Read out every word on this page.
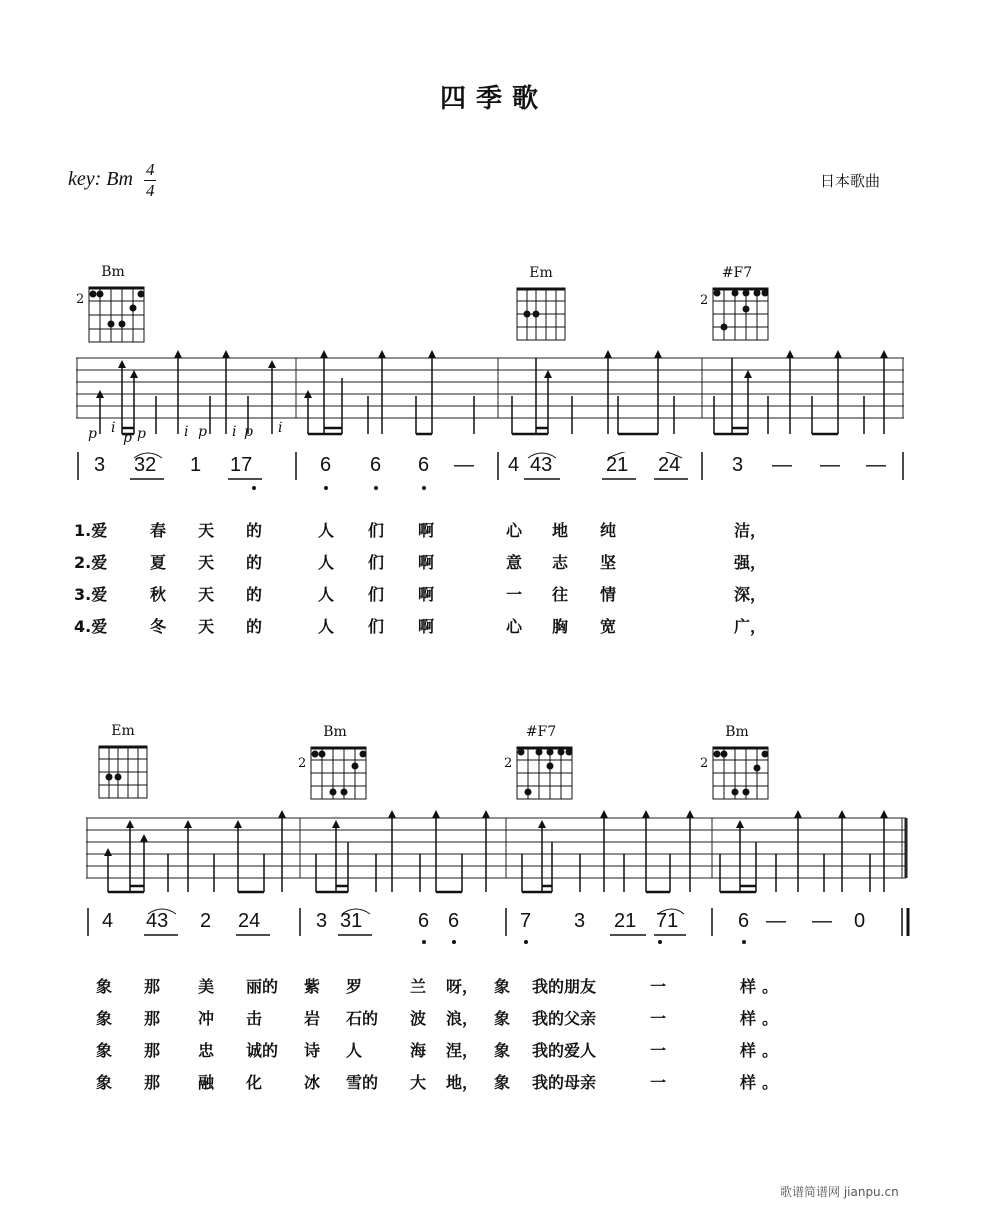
四季歌
key: Bm $\frac{4}{4}$	日本歌曲
Bm
2
Em	#F7
2
p i
p p	i p i p i
3 32 1 17	6 6 6 — 4 43	21 24	3 — — —
1.爱	春 天 的	人 们 啊	心 地 纯	洁，
2.爱	夏 天 的	人 们 啊	意 志 坚	强，
3.爱	秋 天 的	人 们 啊	一 往 情	深，
4.爱	冬 天 的	人 们 啊	心 胸 宽	广，
Em	Bm
2
#F7
2
Bm
2
4 43 2 24	3 31	6 6	7 3 21 71	6 — — 0
象 那 美 丽的 紫 罗	兰 呀， 象 我的朋友	一	样 。
象 那 冲 击	岩 石的 波 浪， 象 我的父亲	一	样 。
象 那 忠 诚的 诗 人	海 涅， 象 我的爱人	一	样 。
象 那 融 化	冰 雪的 大 地， 象 我的母亲	一	样 。
歌谱简谱网 jianpu.cn
